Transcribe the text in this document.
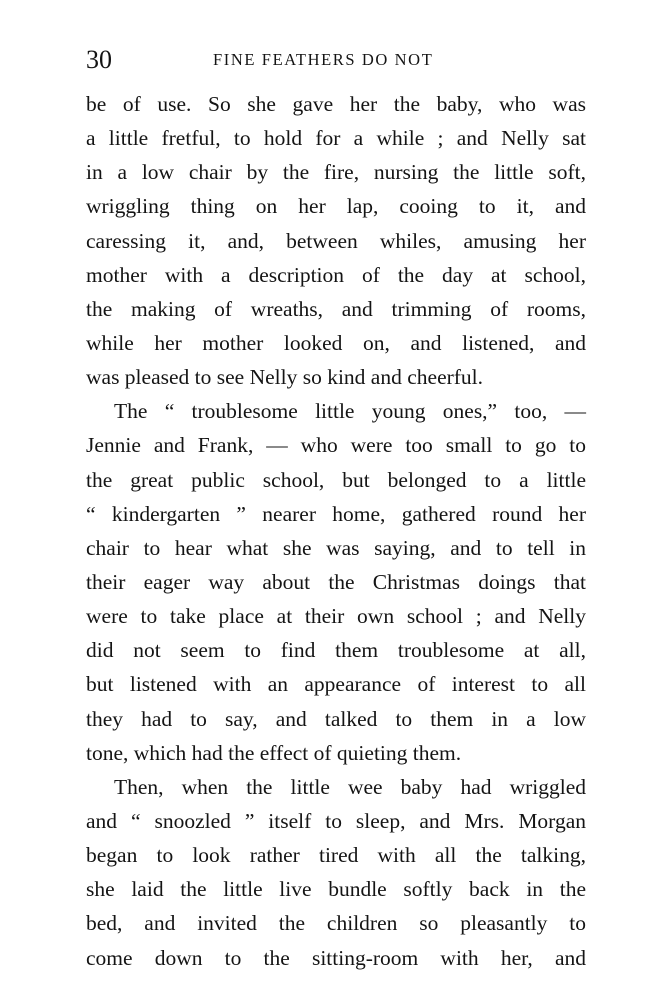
30	FINE FEATHERS DO NOT
be of use. So she gave her the baby, who was
a little fretful, to hold for a while ; and Nelly sat
in a low chair by the fire, nursing the little soft,
wriggling thing on her lap, cooing to it, and
caressing it, and, between whiles, amusing her
mother with a description of the day at school,
the making of wreaths, and trimming of rooms,
while her mother looked on, and listened, and
was pleased to see Nelly so kind and cheerful.
The “ troublesome little young ones,” too, —
Jennie and Frank, — who were too small to go to
the great public school, but belonged to a little
“ kindergarten ” nearer home, gathered round her
chair to hear what she was saying, and to tell in
their eager way about the Christmas doings that
were to take place at their own school ; and Nelly
did not seem to find them troublesome at all,
but listened with an appearance of interest to all
they had to say, and talked to them in a low
tone, which had the effect of quieting them.
Then, when the little wee baby had wriggled
and “ snoozled ” itself to sleep, and Mrs. Morgan
began to look rather tired with all the talking,
she laid the little live bundle softly back in the
bed, and invited the children so pleasantly to
come down to the sitting-room with her, and
